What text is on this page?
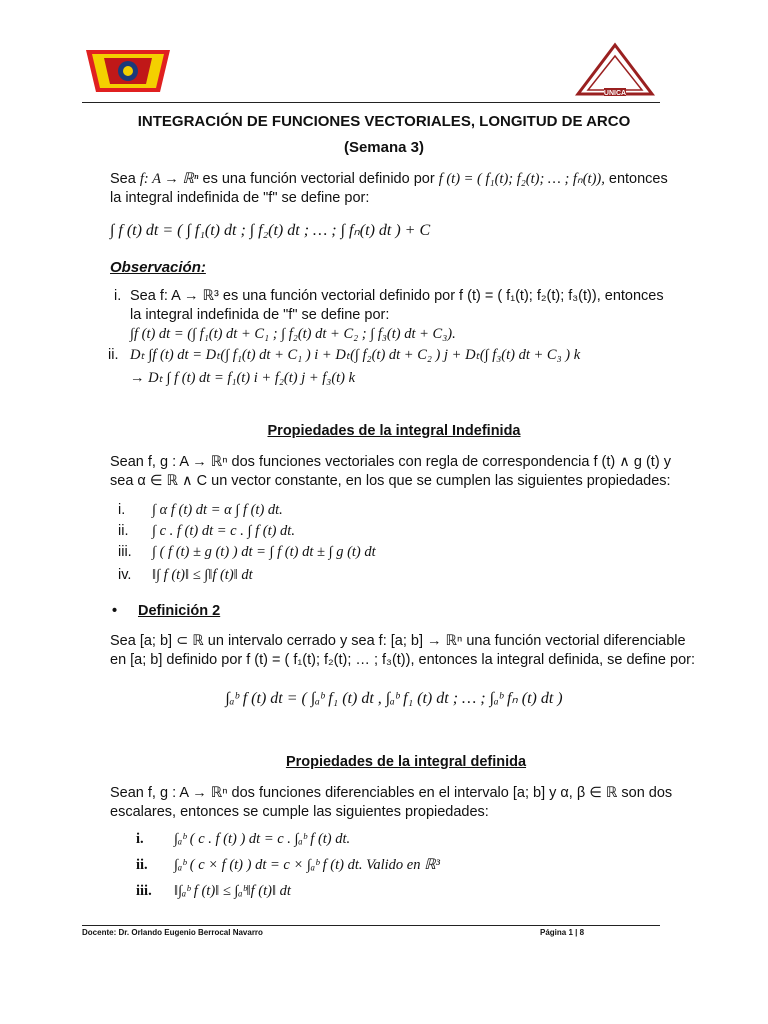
UNICA
INTEGRACIÓN DE FUNCIONES VECTORIALES, LONGITUD DE ARCO
(Semana 3)
Sea f: A → ℝⁿ es una función vectorial definido por f (t) = ( f₁(t); f₂(t); … ; fₙ(t)), entonces
la integral indefinida de "f" se define por:
∫ f (t) dt = ( ∫ f₁(t) dt ; ∫ f₂(t) dt ; … ; ∫ fₙ(t) dt ) + C
Observación:
i. Sea f: A → ℝ³ es una función vectorial definido por f (t) = ( f₁(t); f₂(t); f₃(t)), entonces
la integral indefinida de "f" se define por:
∫f (t) dt = (∫ f₁(t) dt + C₁ ; ∫ f₂(t) dt + C₂ ; ∫ f₃(t) dt + C₃).
ii. Dₜ ∫f (t) dt = Dₜ(∫ f₁(t) dt + C₁ ) i + Dₜ(∫ f₂(t) dt + C₂ ) j + Dₜ(∫ f₃(t) dt + C₃ ) k
→ Dₜ ∫ f (t) dt = f₁(t) i + f₂(t) j + f₃(t) k
Propiedades de la integral Indefinida
Sean f, g : A → ℝⁿ dos funciones vectoriales con regla de correspondencia f (t) ∧ g (t) y
sea α ∈ ℝ ∧ C un vector constante, en los que se cumplen las siguientes propiedades:
i. ∫ α f (t) dt = α ∫ f (t) dt.
ii. ∫ c . f (t) dt = c . ∫ f (t) dt.
iii. ∫ ( f (t) ± g (t) ) dt = ∫ f (t) dt ± ∫ g (t) dt
iv. ‖∫ f (t)‖ ≤ ∫‖f (t)‖ dt
• Definición 2
Sea [a; b] ⊂ ℝ un intervalo cerrado y sea f: [a; b] → ℝⁿ una función vectorial diferenciable
en [a; b] definido por f (t) = ( f₁(t); f₂(t); … ; f₃(t)), entonces la integral definida, se define por:
∫ₐᵇ f (t) dt = ( ∫ₐᵇ f₁ (t) dt , ∫ₐᵇ f₁ (t) dt ; … ; ∫ₐᵇ fₙ (t) dt )
Propiedades de la integral definida
Sean f, g : A → ℝⁿ dos funciones diferenciables en el intervalo [a; b] y α, β ∈ ℝ son dos
escalares, entonces se cumple las siguientes propiedades:
i. ∫ₐᵇ ( c . f (t) ) dt = c . ∫ₐᵇ f (t) dt.
ii. ∫ₐᵇ ( c × f (t) ) dt = c × ∫ₐᵇ f (t) dt. Valido en ℝ³
iii. ‖∫ₐᵇ f (t)‖ ≤ ∫ₐᵇ‖f (t)‖ dt
Docente: Dr. Orlando Eugenio Berrocal Navarro	Página 1 | 8
